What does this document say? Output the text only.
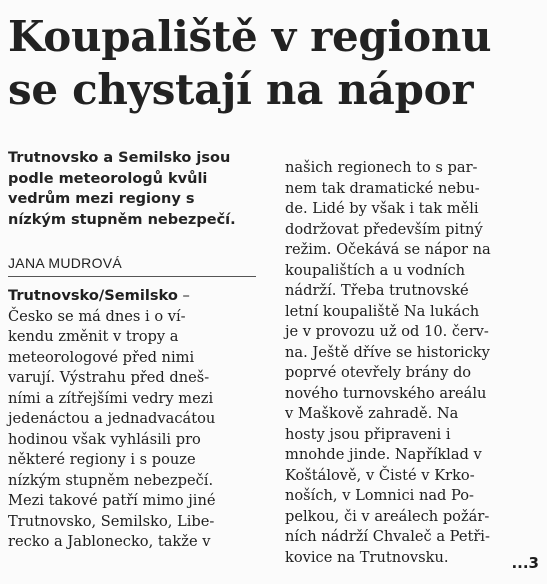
Koupaliště v regionu
se chystají na nápor

Trutnovsko a Semilsko jsou
podle meteorologů kvůli
vedrům mezi regiony s
nízkým stupněm nebezpečí.

JANA MUDROVÁ

Trutnovsko/Semilsko –
Česko se má dnes i o ví-
kendu změnit v tropy a
meteorologové před nimi
varují. Výstrahu před dneš-
ními a zítřejšími vedry mezi
jedenáctou a jednadvacátou
hodinou však vyhlásili pro
některé regiony i s pouze
nízkým stupněm nebezpečí.
Mezi takové patří mimo jiné
Trutnovsko, Semilsko, Libe-
recko a Jablonecko, takže v

našich regionech to s par-
nem tak dramatické nebu-
de. Lidé by však i tak měli
dodržovat především pitný
režim. Očekává se nápor na
koupalištích a u vodních
nádrží. Třeba trutnovské
letní koupaliště Na lukách
je v provozu už od 10. červ-
na. Ještě dříve se historicky
poprvé otevřely brány do
nového turnovského areálu
v Maškově zahradě. Na
hosty jsou připraveni i
mnohde jinde. Například v
Koštálově, v Čisté v Krko-
noších, v Lomnici nad Po-
pelkou, či v areálech požár-
ních nádrží Chvaleč a Petři-
kovice na Trutnovsku.	...3
